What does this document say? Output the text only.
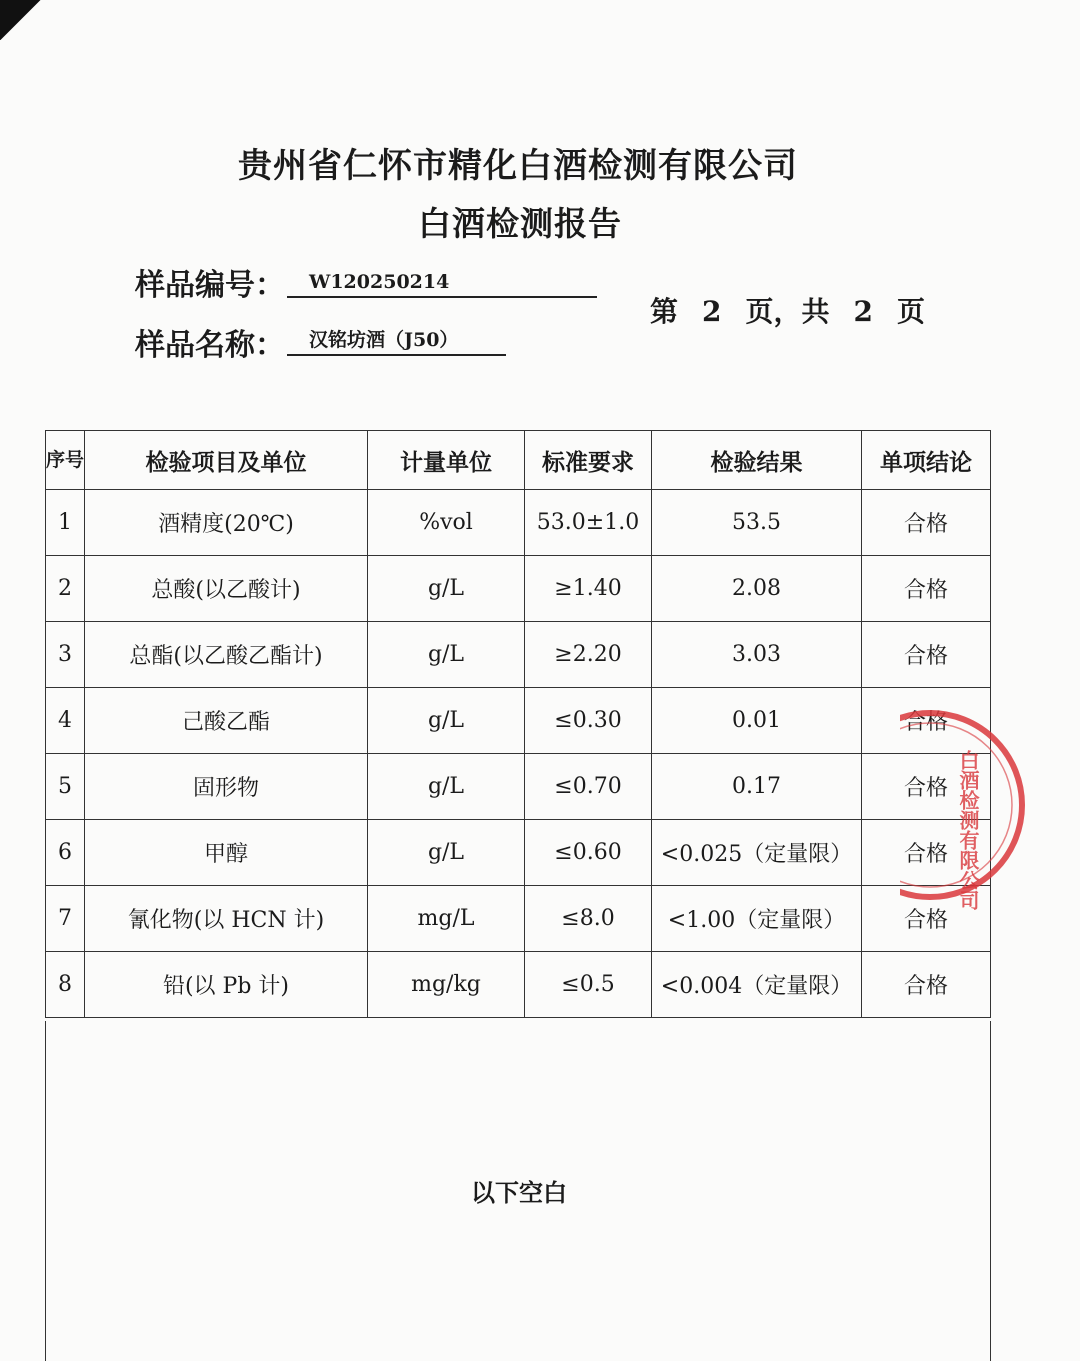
贵州省仁怀市精化白酒检测有限公司
白酒检测报告
样品编号：	W120250214
样品名称：	汉铭坊酒（J50）
第 2 页，共 2 页
序号	检验项目及单位	计量单位	标准要求	检验结果	单项结论
1	酒精度(20℃)	%vol	53.0±1.0	53.5	合格
2	总酸(以乙酸计)	g/L	≥1.40	2.08	合格
3	总酯(以乙酸乙酯计)	g/L	≥2.20	3.03	合格
4	己酸乙酯	g/L	≤0.30	0.01	合格
5	固形物	g/L	≤0.70	0.17	合格
6	甲醇	g/L	≤0.60	<0.025（定量限）	合格
7	氰化物(以 HCN 计)	mg/L	≤8.0	<1.00（定量限）	合格
8	铅(以 Pb 计)	mg/kg	≤0.5	<0.004（定量限）	合格
以下空白
白酒检测有限公司
